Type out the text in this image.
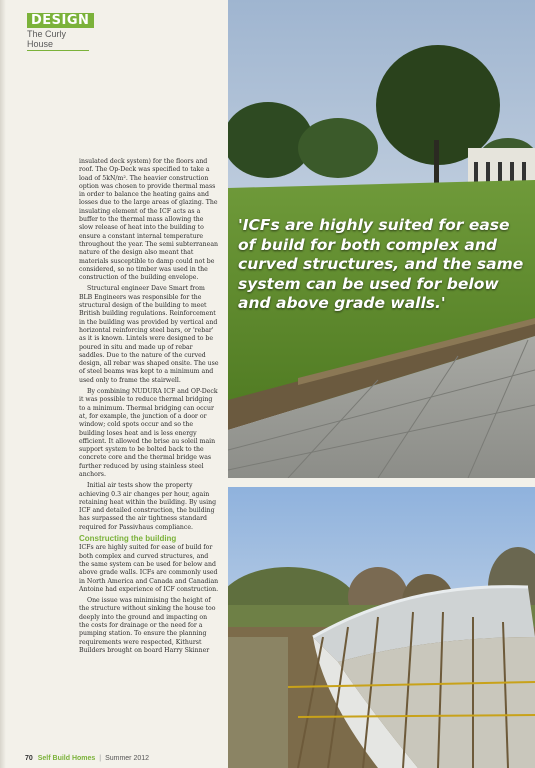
DESIGN
The Curly House

insulated deck system) for the floors and roof. The Op-Deck was specified to take a load of 5kN/m². The heavier construction option was chosen to provide thermal mass in order to balance the heating gains and losses due to the large areas of glazing. The insulating element of the ICF acts as a buffer to the thermal mass allowing the slow release of heat into the building to ensure a constant internal temperature throughout the year. The semi subterranean nature of the design also meant that materials susceptible to damp could not be considered, so no timber was used in the construction of the building envelope.

Structural engineer Dave Smart from BLB Engineers was responsible for the structural design of the building to meet British building regulations. Reinforcement in the building was provided by vertical and horizontal reinforcing steel bars, or 'rebar' as it is known. Lintels were designed to be poured in situ and made up of rebar saddles. Due to the nature of the curved design, all rebar was shaped onsite. The use of steel beams was kept to a minimum and used only to frame the stairwell.

By combining NUDURA ICF and OP-Deck it was possible to reduce thermal bridging to a minimum. Thermal bridging can occur at, for example, the junction of a door or window; cold spots occur and so the building loses heat and is less energy efficient. It allowed the brise au soleil main support system to be bolted back to the concrete core and the thermal bridge was further reduced by using stainless steel anchors.

Initial air tests show the property achieving 0.3 air changes per hour, again retaining heat within the building. By using ICF and detailed construction, the building has surpassed the air tightness standard required for Passivhaus compliance.

Constructing the building

ICFs are highly suited for ease of build for both complex and curved structures, and the same system can be used for below and above grade walls. ICFs are commonly used in North America and Canada and Canadian Antoine had experience of ICF construction.

One issue was minimising the height of the structure without sinking the house too deeply into the ground and impacting on the costs for drainage or the need for a pumping station. To ensure the planning requirements were respected, Kithurst Builders brought on board Harry Skinner

'ICFs are highly suited for ease of build for both complex and curved structures, and the same system can be used for below and above grade walls.'
70 Self Build Homes | Summer 2012
